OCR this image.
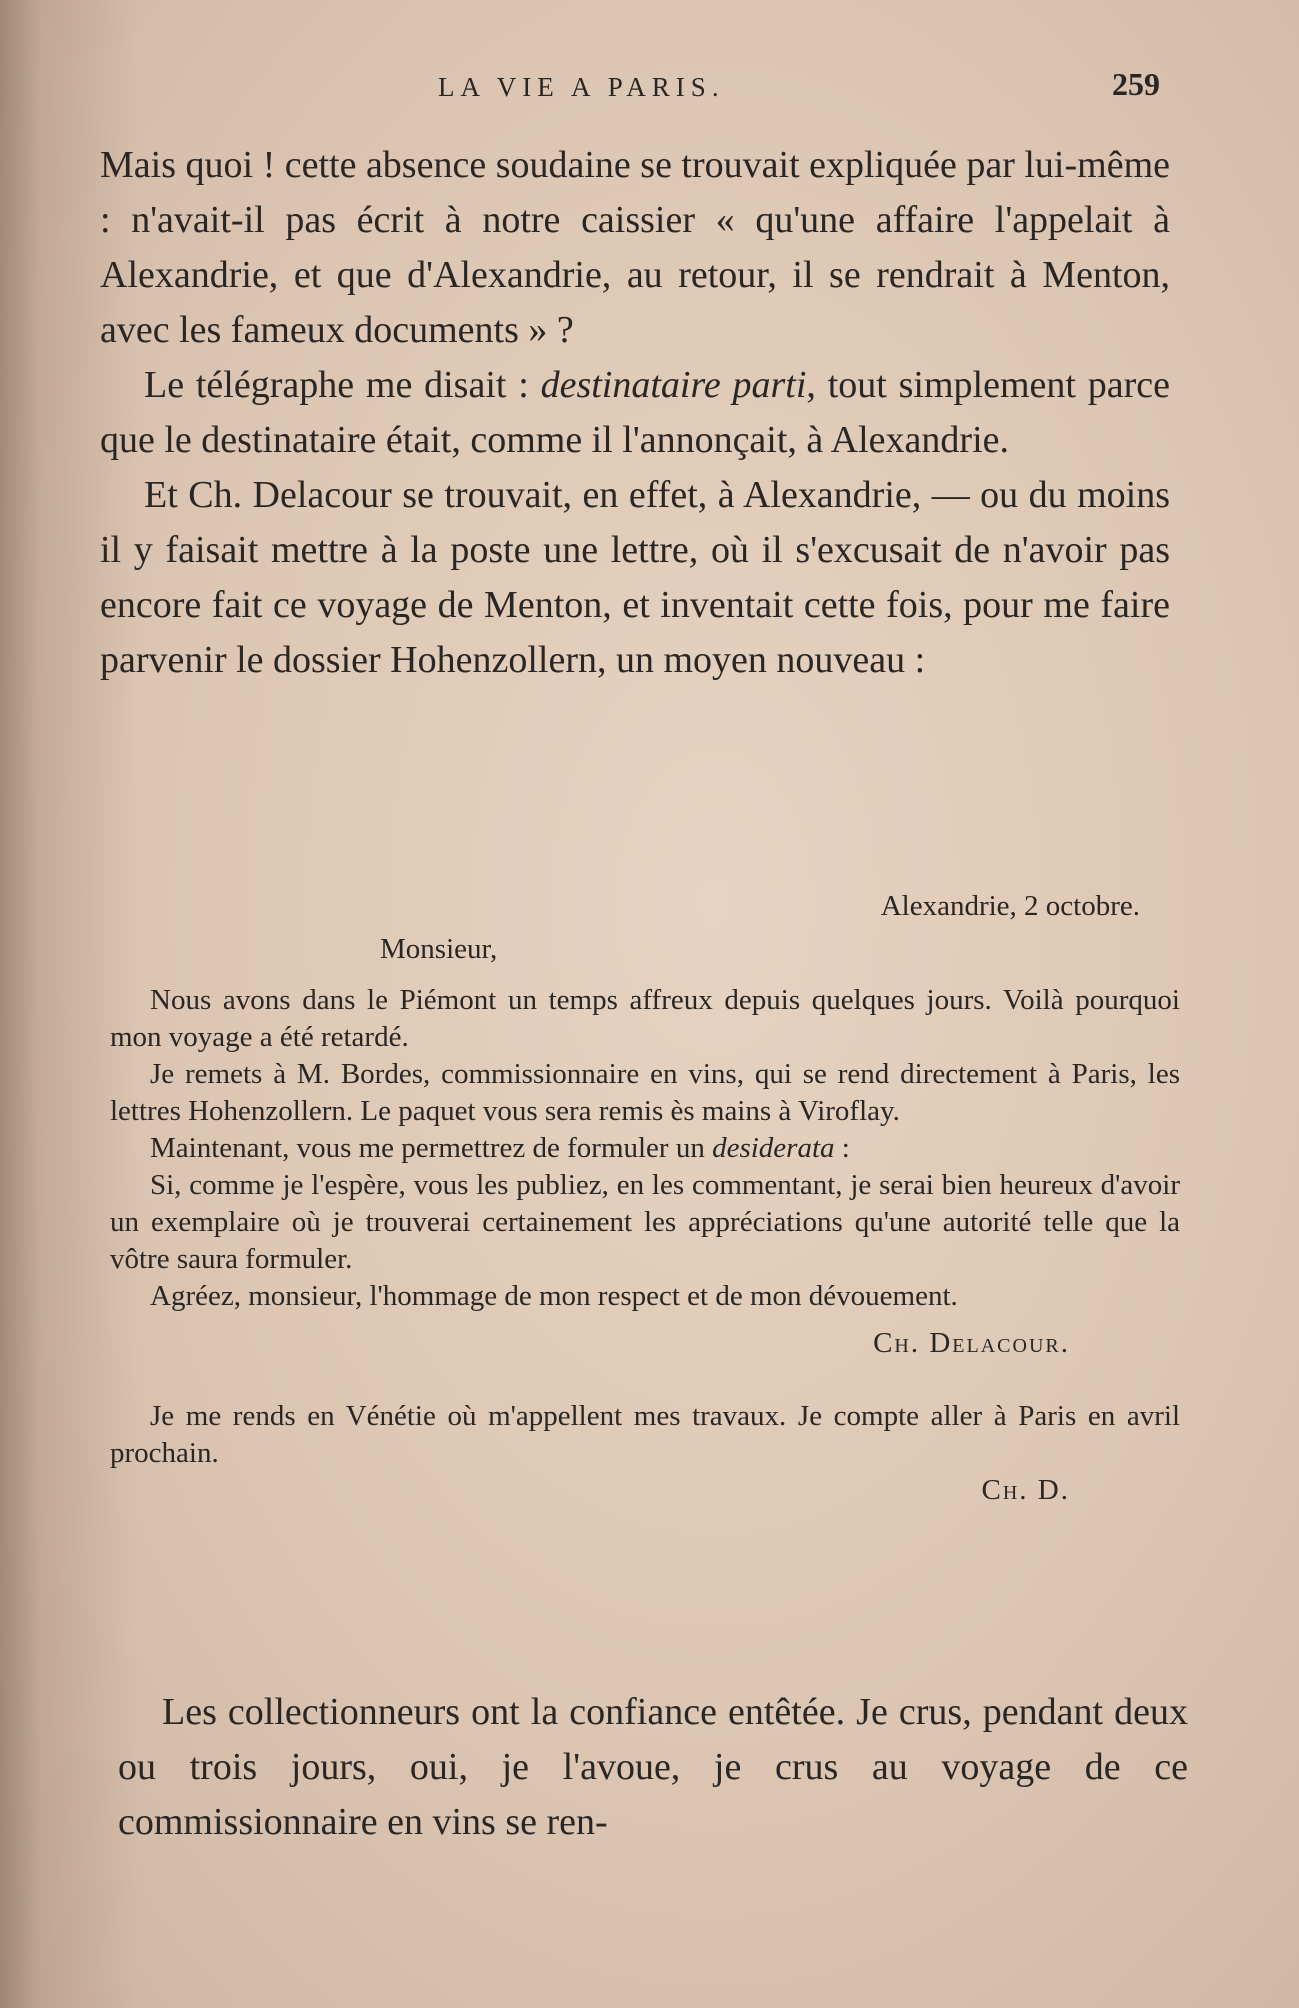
LA VIE A PARIS.	259

Mais quoi ! cette absence soudaine se trouvait expliquée par lui-même : n'avait-il pas écrit à notre caissier « qu'une affaire l'appelait à Alexandrie, et que d'Alexandrie, au retour, il se rendrait à Menton, avec les fameux documents » ?

Le télégraphe me disait : destinataire parti, tout simplement parce que le destinataire était, comme il l'annonçait, à Alexandrie.

Et Ch. Delacour se trouvait, en effet, à Alexandrie, — ou du moins il y faisait mettre à la poste une lettre, où il s'excusait de n'avoir pas encore fait ce voyage de Menton, et inventait cette fois, pour me faire parvenir le dossier Hohenzollern, un moyen nouveau :

Alexandrie, 2 octobre.

Monsieur,

Nous avons dans le Piémont un temps affreux depuis quelques jours. Voilà pourquoi mon voyage a été retardé.

Je remets à M. Bordes, commissionnaire en vins, qui se rend directement à Paris, les lettres Hohenzollern. Le paquet vous sera remis ès mains à Viroflay.

Maintenant, vous me permettrez de formuler un desiderata :

Si, comme je l'espère, vous les publiez, en les commentant, je serai bien heureux d'avoir un exemplaire où je trouverai certainement les appréciations qu'une autorité telle que la vôtre saura formuler.

Agréez, monsieur, l'hommage de mon respect et de mon dévouement.

Ch. Delacour.

Je me rends en Vénétie où m'appellent mes travaux. Je compte aller à Paris en avril prochain.

Ch. D.

Les collectionneurs ont la confiance entêtée. Je crus, pendant deux ou trois jours, oui, je l'avoue, je crus au voyage de ce commissionnaire en vins se ren-
